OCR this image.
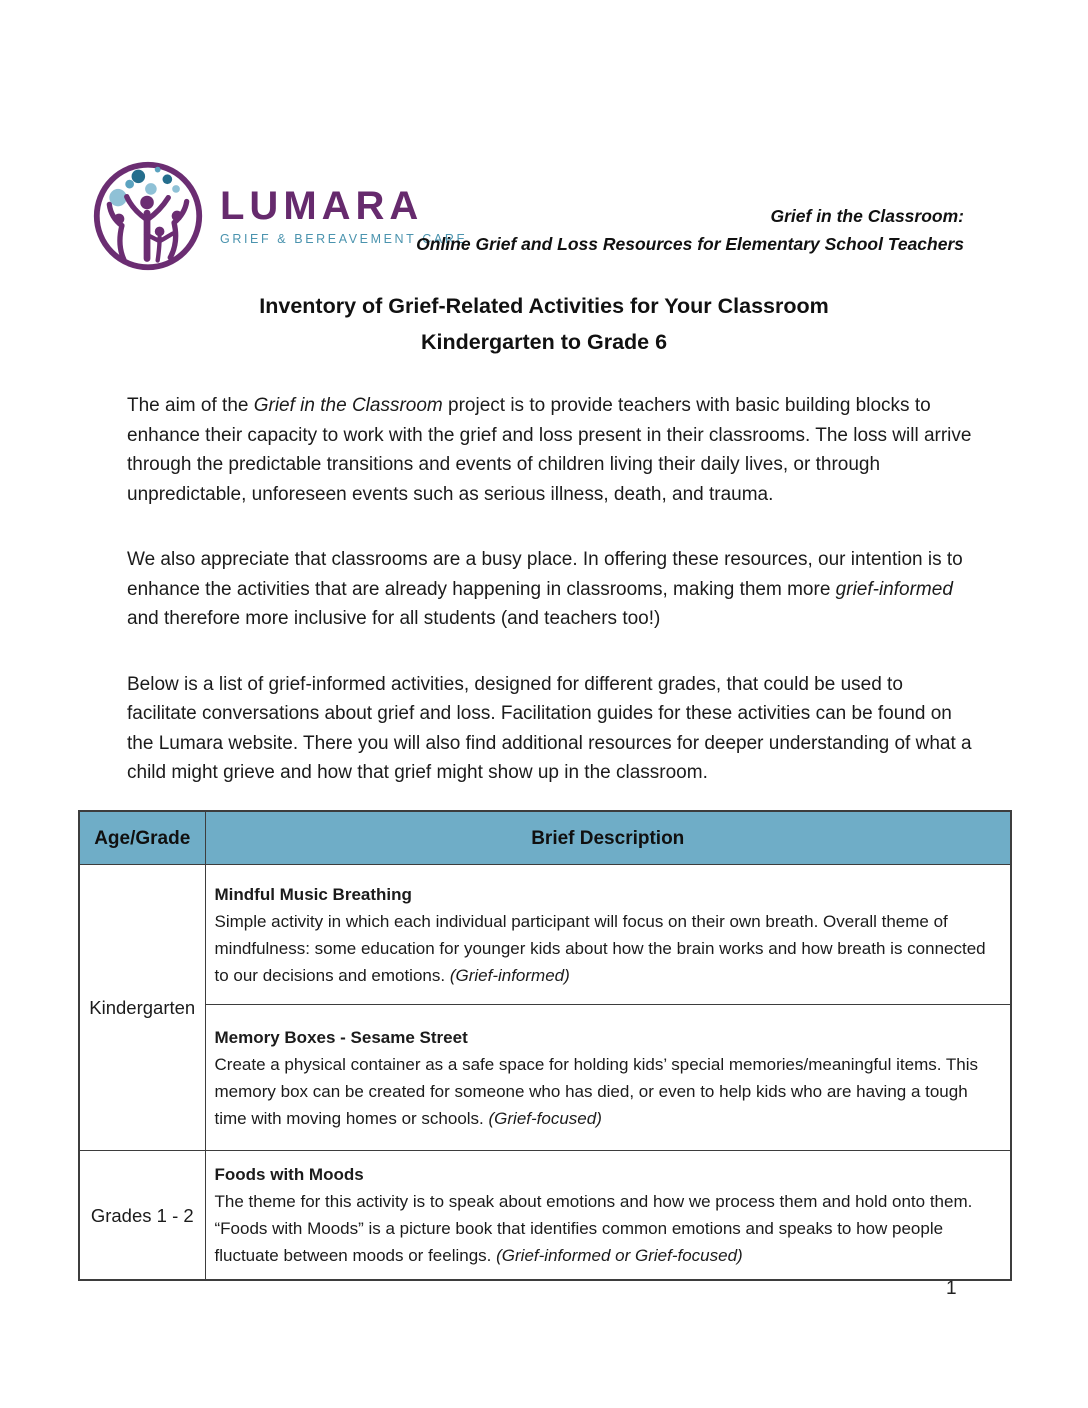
LUMARA
GRIEF & BEREAVEMENT CARE
Grief in the Classroom:
Online Grief and Loss Resources for Elementary School Teachers
Inventory of Grief-Related Activities for Your Classroom
Kindergarten to Grade 6

The aim of the Grief in the Classroom project is to provide teachers with basic building blocks to enhance their capacity to work with the grief and loss present in their classrooms. The loss will arrive through the predictable transitions and events of children living their daily lives, or through unpredictable, unforeseen events such as serious illness, death, and trauma.

We also appreciate that classrooms are a busy place. In offering these resources, our intention is to enhance the activities that are already happening in classrooms, making them more grief-informed and therefore more inclusive for all students (and teachers too!)

Below is a list of grief-informed activities, designed for different grades, that could be used to facilitate conversations about grief and loss. Facilitation guides for these activities can be found on the Lumara website. There you will also find additional resources for deeper understanding of what a child might grieve and how that grief might show up in the classroom.

Age/Grade	Brief Description
Kindergarten	Mindful Music Breathing
Simple activity in which each individual participant will focus on their own breath. Overall theme of mindfulness: some education for younger kids about how the brain works and how breath is connected to our decisions and emotions. (Grief-informed)

	Memory Boxes - Sesame Street
Create a physical container as a safe space for holding kids’ special memories/meaningful items. This memory box can be created for someone who has died, or even to help kids who are having a tough time with moving homes or schools. (Grief-focused)

Grades 1 - 2	Foods with Moods
The theme for this activity is to speak about emotions and how we process them and hold onto them. “Foods with Moods” is a picture book that identifies common emotions and speaks to how people fluctuate between moods or feelings. (Grief-informed or Grief-focused)
1
